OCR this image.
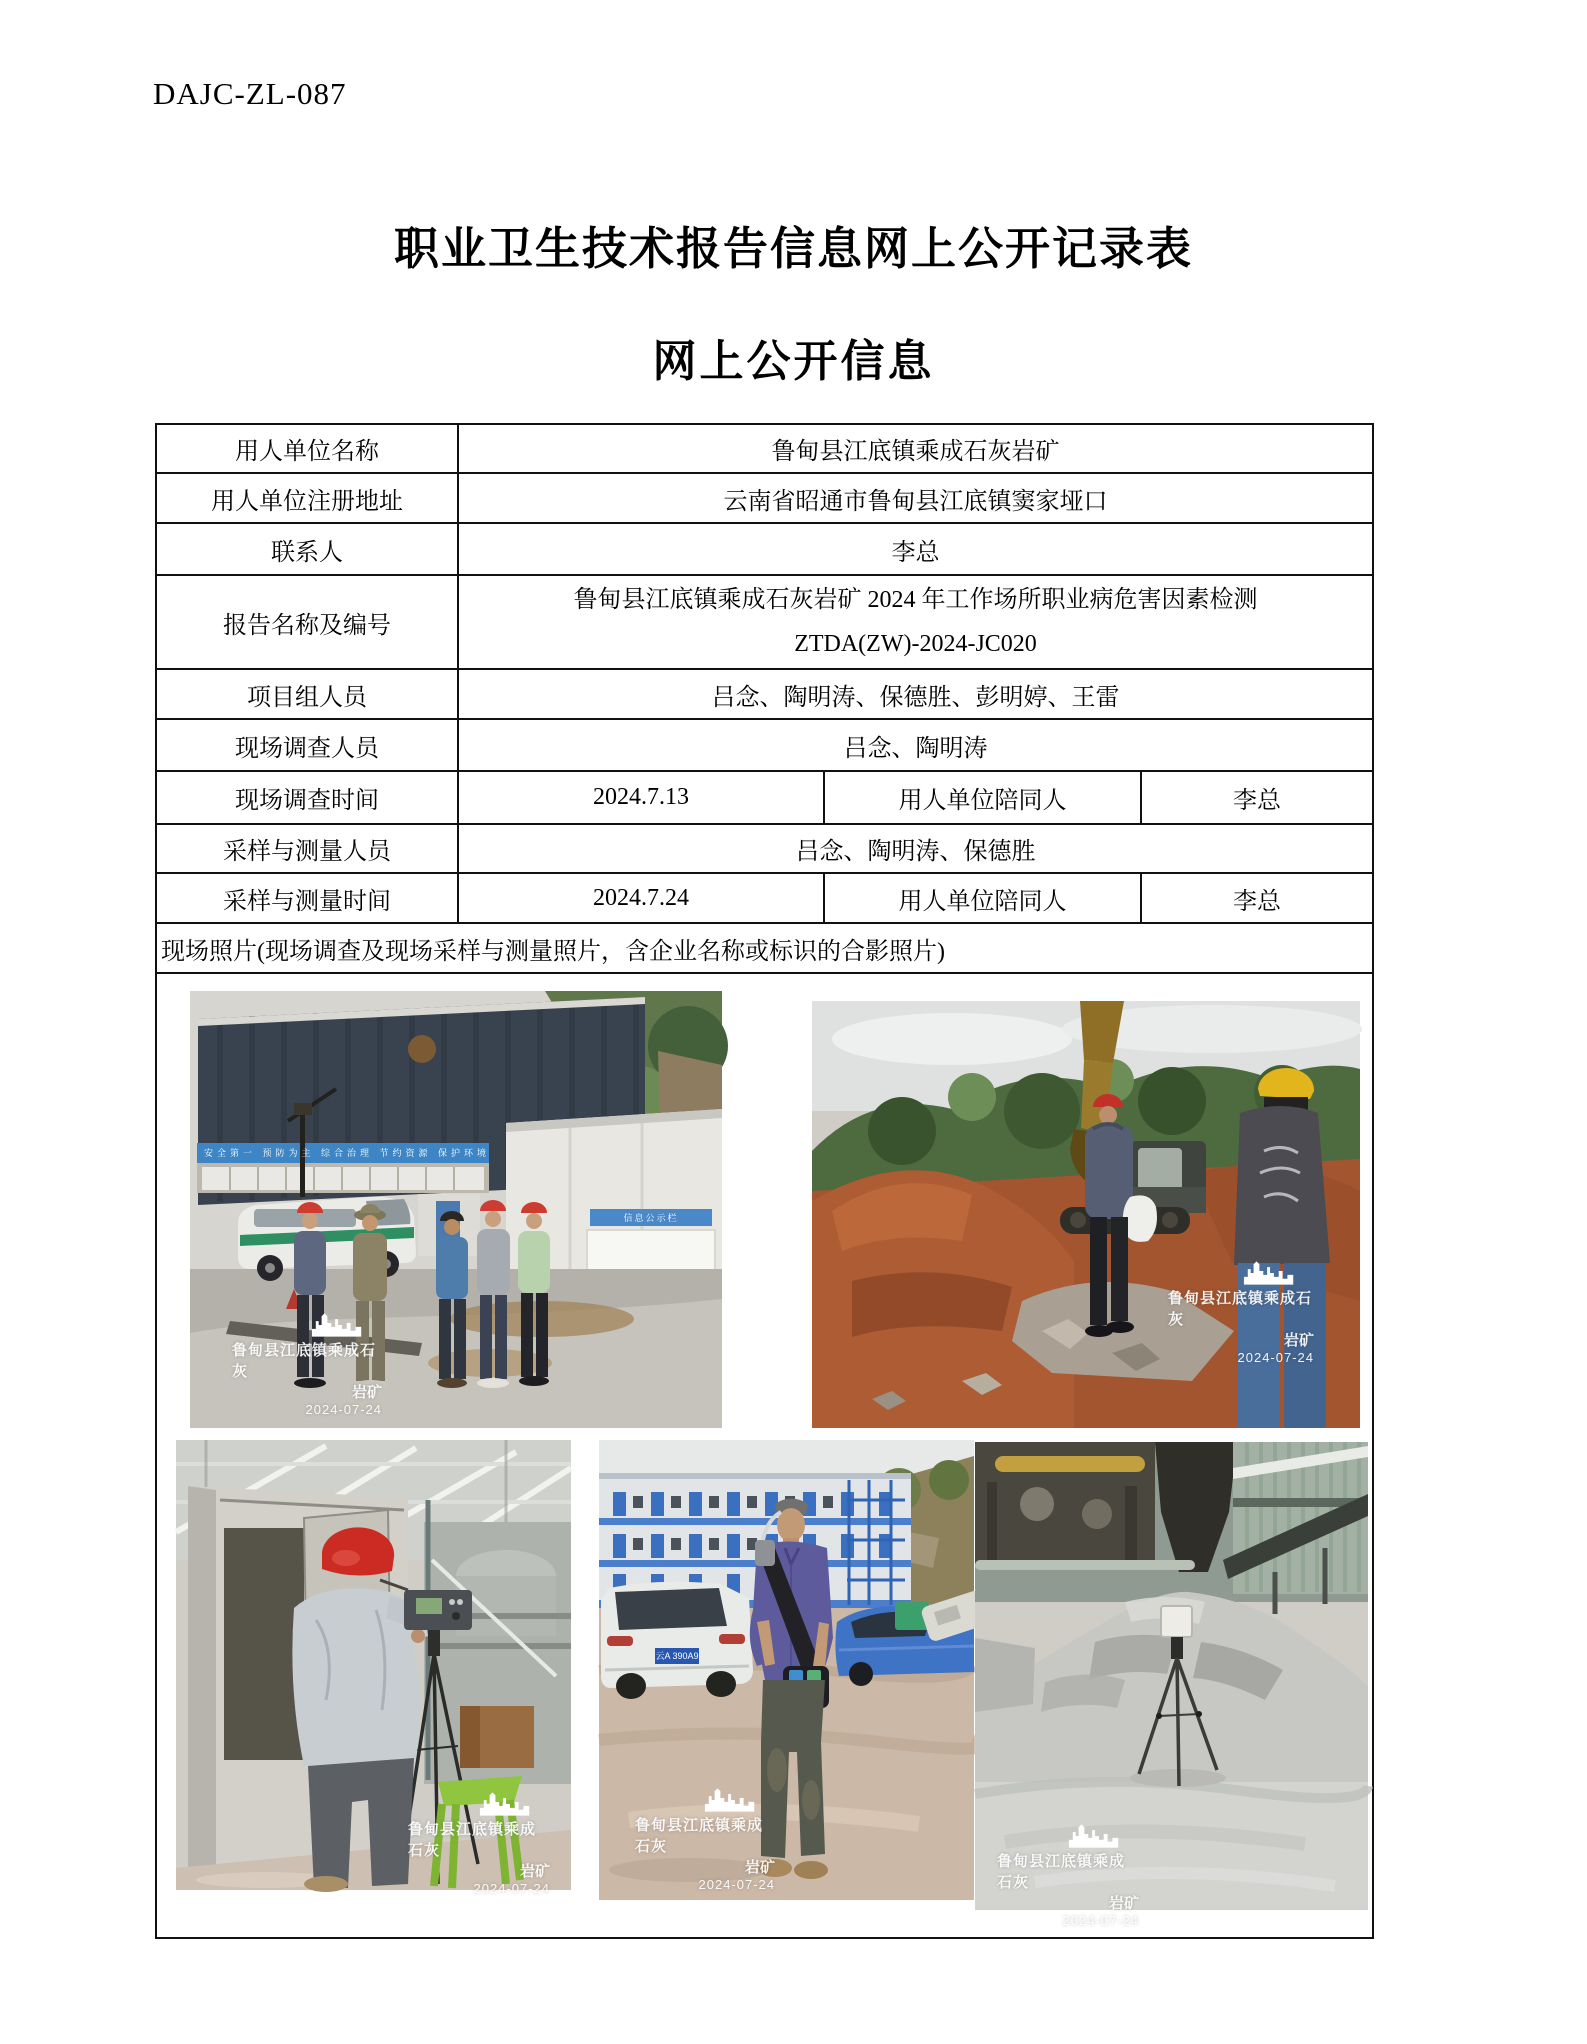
DAJC-ZL-087
职业卫生技术报告信息网上公开记录表
网上公开信息
用人单位名称	鲁甸县江底镇乘成石灰岩矿		
用人单位注册地址	云南省昭通市鲁甸县江底镇窦家垭口		
联系人	李总		
报告名称及编号	鲁甸县江底镇乘成石灰岩矿 2024 年工作场所职业病危害因素检测
ZTDA(ZW)-2024-JC020		

项目组人员	吕念、陶明涛、保德胜、彭明婷、王雷		
现场调查人员	吕念、陶明涛		
现场调查时间	2024.7.13	用人单位陪同人	李总
采样与测量人员	吕念、陶明涛、保德胜		
采样与测量时间	2024.7.24	用人单位陪同人	李总
现场照片(现场调查及现场采样与测量照片，含企业名称或标识的合影照片)			

安全第一 预防为主 综合治理 节约资源 保护环境
信息公示栏
鲁甸县江底镇乘成石灰
岩矿
2024-07-24
鲁甸县江底镇乘成石灰
岩矿
2024-07-24
鲁甸县江底镇乘成石灰
岩矿
2024-07-24
云A 390A9
鲁甸县江底镇乘成石灰
岩矿
2024-07-24
鲁甸县江底镇乘成石灰
岩矿
2024-07-24
